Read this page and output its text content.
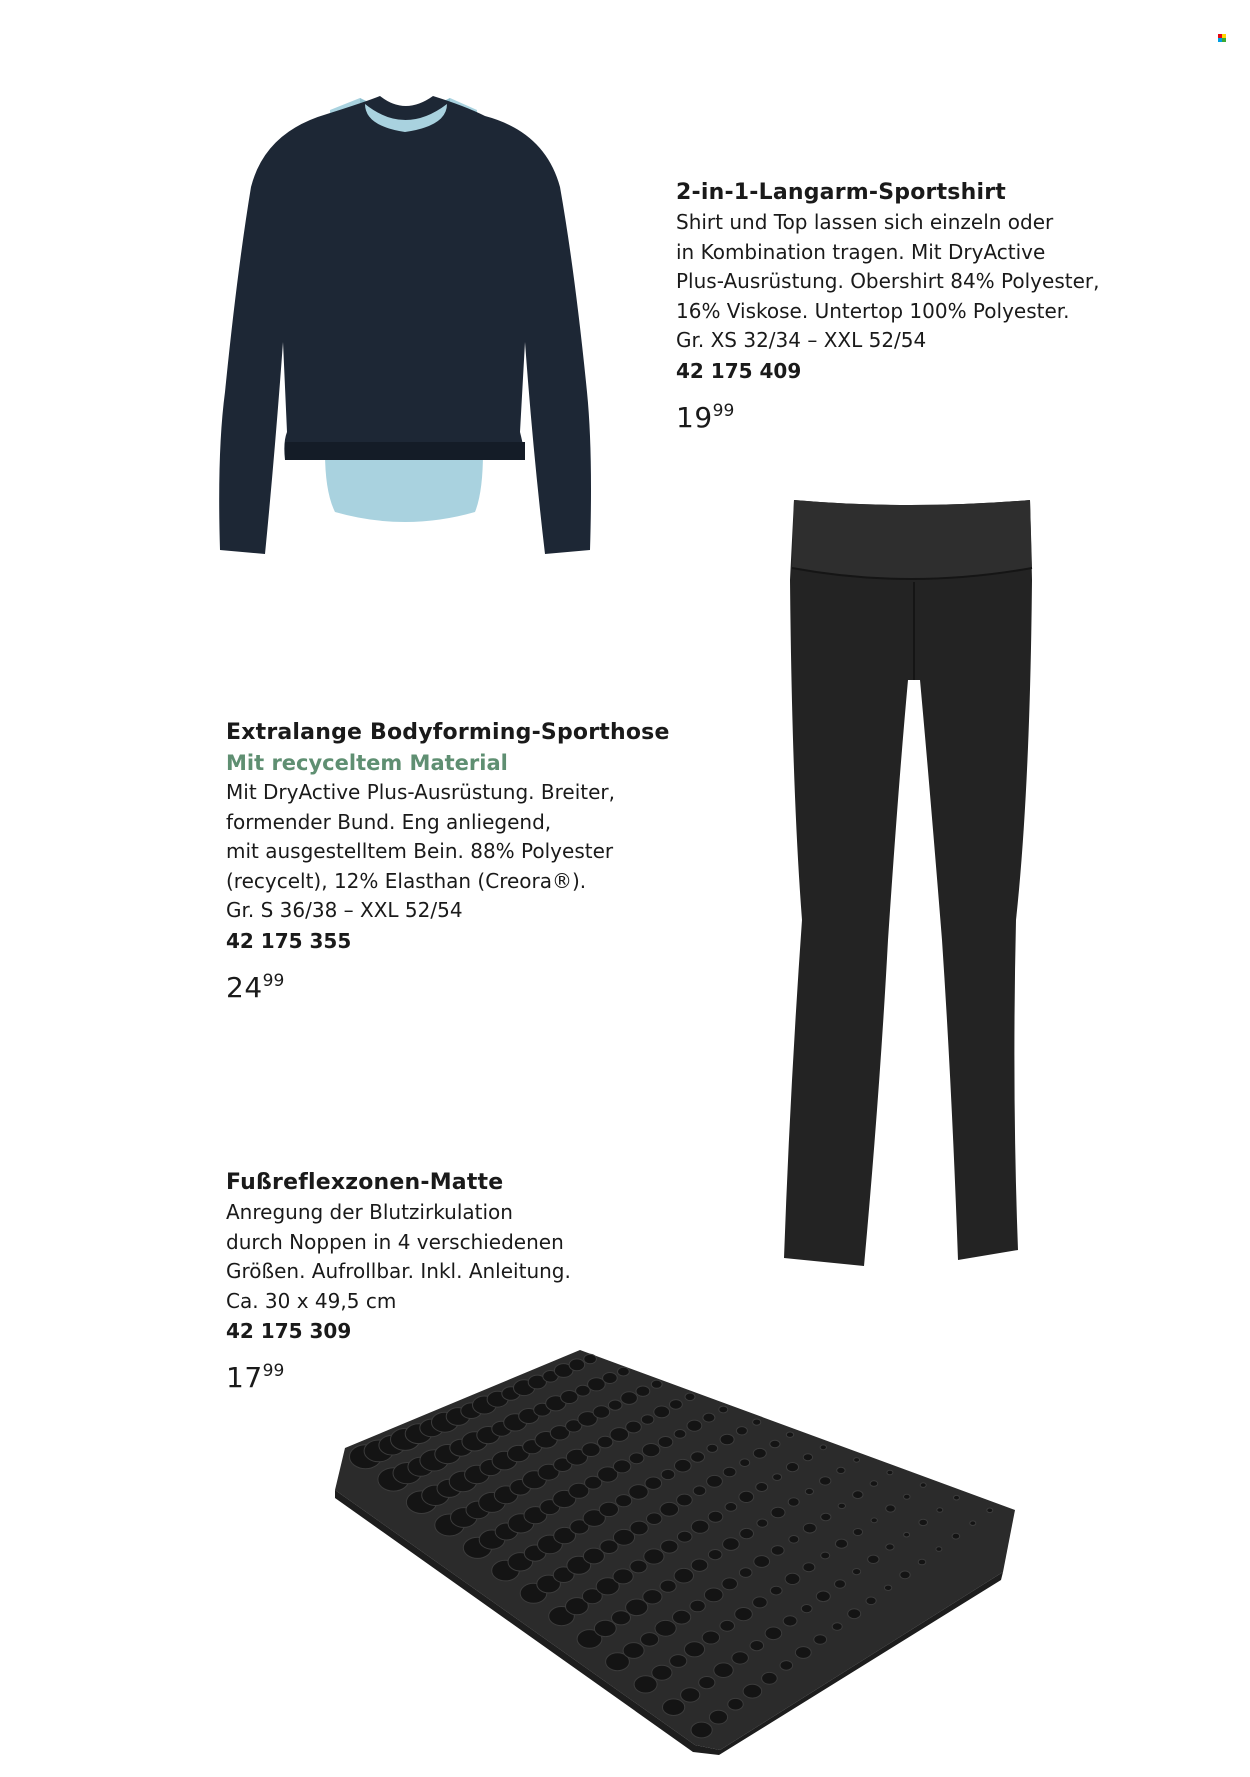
2-in-1-Langarm-Sportshirt
Shirt und Top lassen sich einzeln oder
in Kombination tragen. Mit DryActive
Plus-Ausrüstung. Obershirt 84% Polyester,
16% Viskose. Untertop 100% Polyester.
Gr. XS 32/34 – XXL 52/54
42 175 409
$19^{99}$
Extralange Bodyforming-Sporthose
Mit recyceltem Material
Mit DryActive Plus-Ausrüstung. Breiter,
formender Bund. Eng anliegend,
mit ausgestelltem Bein. 88% Polyester
(recycelt), 12% Elasthan (Creora®).
Gr. S 36/38 – XXL 52/54
42 175 355
$24^{99}$
Fußreflexzonen-Matte
Anregung der Blutzirkulation
durch Noppen in 4 verschiedenen
Größen. Aufrollbar. Inkl. Anleitung.
Ca. 30 x 49,5 cm
42 175 309
$17^{99}$
